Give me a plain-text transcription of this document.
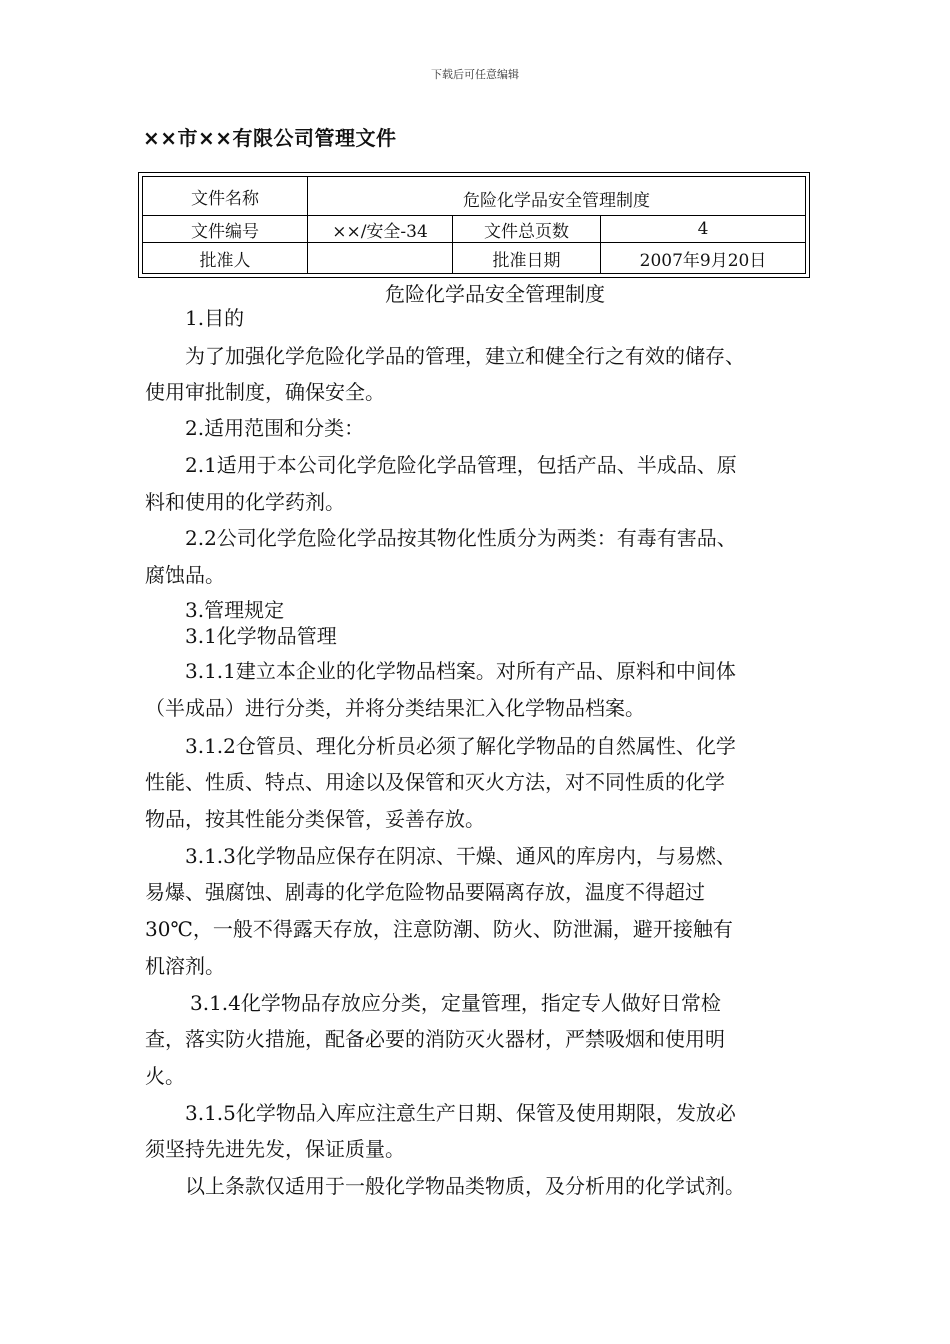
下载后可任意编辑
××市××有限公司管理文件
文件名称	危险化学品安全管理制度		
文件编号	××/安全-34	文件总页数	4
批准人		批准日期	2007年9月20日
危险化学品安全管理制度
1.目的
为了加强化学危险化学品的管理，建立和健全行之有效的储存、
使用审批制度，确保安全。
2.适用范围和分类：
2.1适用于本公司化学危险化学品管理，包括产品、半成品、原
料和使用的化学药剂。
2.2公司化学危险化学品按其物化性质分为两类：有毒有害品、
腐蚀品。
3.管理规定
3.1化学物品管理
3.1.1建立本企业的化学物品档案。对所有产品、原料和中间体
（半成品）进行分类，并将分类结果汇入化学物品档案。
3.1.2仓管员、理化分析员必须了解化学物品的自然属性、化学
性能、性质、特点、用途以及保管和灭火方法，对不同性质的化学
物品，按其性能分类保管，妥善存放。
3.1.3化学物品应保存在阴凉、干燥、通风的库房内，与易燃、
易爆、强腐蚀、剧毒的化学危险物品要隔离存放，温度不得超过
30℃，一般不得露天存放，注意防潮、防火、防泄漏，避开接触有
机溶剂。
3.1.4化学物品存放应分类，定量管理，指定专人做好日常检
查，落实防火措施，配备必要的消防灭火器材，严禁吸烟和使用明
火。
3.1.5化学物品入库应注意生产日期、保管及使用期限，发放必
须坚持先进先发，保证质量。
以上条款仅适用于一般化学物品类物质，及分析用的化学试剂。
